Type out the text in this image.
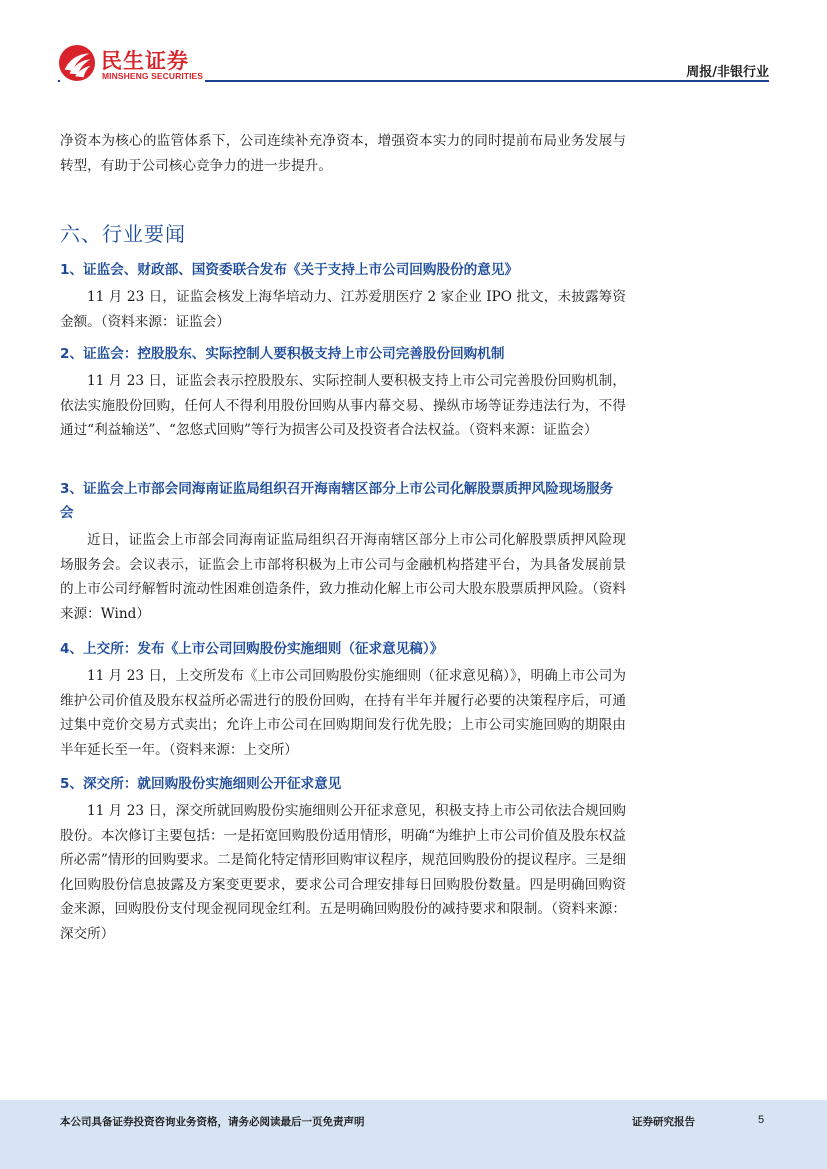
民生证券
MINSHENG SECURITIES	周报/非银行业

净资本为核心的监管体系下，公司连续补充净资本，增强资本实力的同时提前布局业务发展与转型，有助于公司核心竞争力的进一步提升。

六、行业要闻
1、证监会、财政部、国资委联合发布《关于支持上市公司回购股份的意见》

11 月 23 日，证监会核发上海华培动力、江苏爱朋医疗 2 家企业 IPO 批文，未披露筹资金额。（资料来源：证监会）

2、证监会：控股股东、实际控制人要积极支持上市公司完善股份回购机制

11 月 23 日，证监会表示控股股东、实际控制人要积极支持上市公司完善股份回购机制，依法实施股份回购，任何人不得利用股份回购从事内幕交易、操纵市场等证券违法行为，不得通过“利益输送”、“忽悠式回购”等行为损害公司及投资者合法权益。（资料来源：证监会）

3、证监会上市部会同海南证监局组织召开海南辖区部分上市公司化解股票质押风险现场服务会

近日，证监会上市部会同海南证监局组织召开海南辖区部分上市公司化解股票质押风险现场服务会。会议表示，证监会上市部将积极为上市公司与金融机构搭建平台，为具备发展前景的上市公司纾解暂时流动性困难创造条件，致力推动化解上市公司大股东股票质押风险。（资料来源：Wind）

4、上交所：发布《上市公司回购股份实施细则（征求意见稿）》

11 月 23 日，上交所发布《上市公司回购股份实施细则（征求意见稿）》，明确上市公司为维护公司价值及股东权益所必需进行的股份回购，在持有半年并履行必要的决策程序后，可通过集中竞价交易方式卖出；允许上市公司在回购期间发行优先股；上市公司实施回购的期限由半年延长至一年。（资料来源：上交所）

5、深交所：就回购股份实施细则公开征求意见

11 月 23 日，深交所就回购股份实施细则公开征求意见，积极支持上市公司依法合规回购股份。本次修订主要包括：一是拓宽回购股份适用情形，明确“为维护上市公司价值及股东权益所必需”情形的回购要求。二是简化特定情形回购审议程序，规范回购股份的提议程序。三是细化回购股份信息披露及方案变更要求，要求公司合理安排每日回购股份数量。四是明确回购资金来源，回购股份支付现金视同现金红利。五是明确回购股份的减持要求和限制。（资料来源：深交所）

本公司具备证券投资咨询业务资格，请务必阅读最后一页免责声明	证券研究报告	5
